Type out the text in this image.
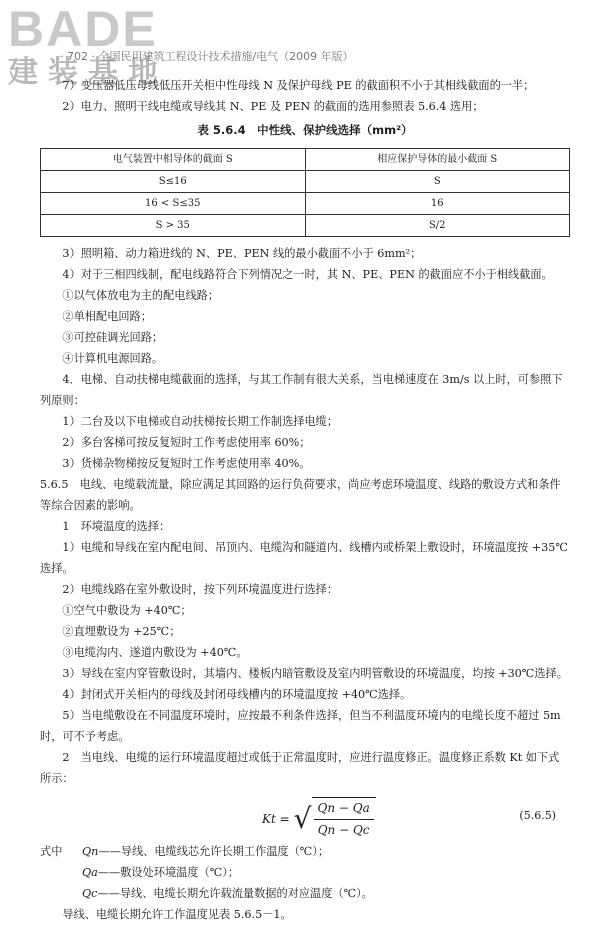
BADE
建装基地
· 702 · 全国民用建筑工程设计技术措施/电气（2009 年版）

7）变压器低压母线低压开关柜中性母线 N 及保护母线 PE 的截面积不小于其相线截面的一半；

2）电力、照明干线电缆或导线其 N、PE 及 PEN 的截面的选用参照表 5.6.4 选用；

表 5.6.4　中性线、保护线选择（mm²）
电气装置中相导体的截面 S	相应保护导体的最小截面 S
S≤16	S
16 < S≤35	16
S > 35	S/2

3）照明箱、动力箱进线的 N、PE、PEN 线的最小截面不小于 6mm²；

4）对于三相四线制，配电线路符合下列情况之一时，其 N、PE、PEN 的截面应不小于相线截面。

①以气体放电为主的配电线路；

②单相配电回路；

③可控硅调光回路；

④计算机电源回路。

4．电梯、自动扶梯电缆截面的选择，与其工作制有很大关系，当电梯速度在 3m/s 以上时，可参照下列原则：

1）二台及以下电梯或自动扶梯按长期工作制选择电缆；

2）多台客梯可按反复短时工作考虑使用率 60%；

3）货梯杂物梯按反复短时工作考虑使用率 40%。

5.6.5　电线、电缆载流量，除应满足其回路的运行负荷要求，尚应考虑环境温度、线路的敷设方式和条件等综合因素的影响。

1　环境温度的选择：

1）电缆和导线在室内配电间、吊顶内、电缆沟和隧道内、线槽内或桥架上敷设时，环境温度按 +35℃选择。

2）电缆线路在室外敷设时，按下列环境温度进行选择：

①空气中敷设为 +40℃；

②直埋敷设为 +25℃；

③电缆沟内、遂道内敷设为 +40℃。

3）导线在室内穿管敷设时，其墙内、楼板内暗管敷设及室内明管敷设的环境温度，均按 +30℃选择。

4）封闭式开关柜内的母线及封闭母线槽内的环境温度按 +40℃选择。

5）当电缆敷设在不同温度环境时，应按最不利条件选择，但当不利温度环境内的电缆长度不超过 5m 时，可不予考虑。

2　当电线、电缆的运行环境温度超过或低于正常温度时，应进行温度修正。温度修正系数 Kt 如下式所示：

Kt = √ $\frac{Qn - Qa}{Qn - Qc}$	(5.6.5)

式中 Qn——导线、电缆线芯允许长期工作温度（℃）；

Qa——敷设处环境温度（℃）；

Qc——导线、电缆长期允许载流量数据的对应温度（℃）。

导线、电缆长期允许工作温度见表 5.6.5－1。
